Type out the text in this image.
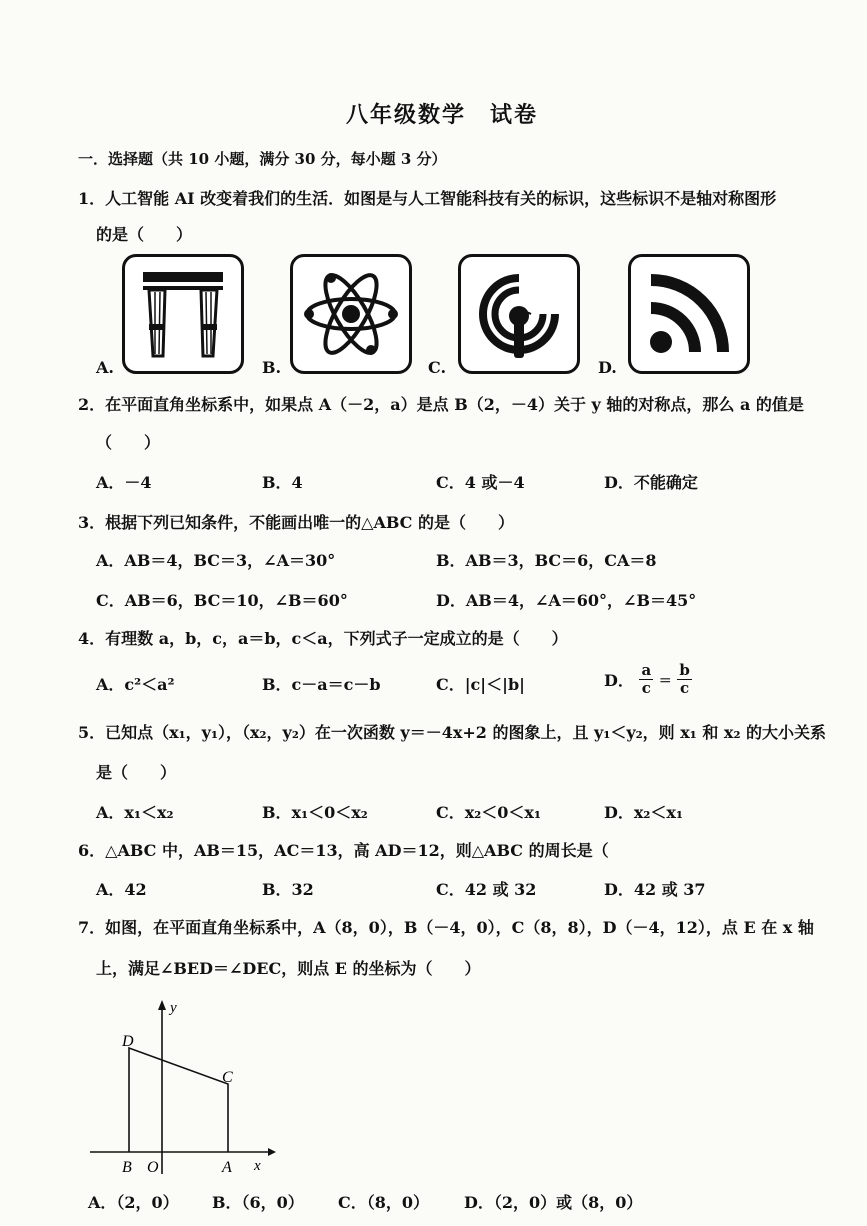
八年级数学　试卷
一．选择题（共 10 小题，满分 30 分，每小题 3 分）
1．人工智能 AI 改变着我们的生活．如图是与人工智能科技有关的标识，这些标识不是轴对称图形
的是（　　）
A.	B.	C.	D.
2．在平面直角坐标系中，如果点 A（－2，a）是点 B（2，－4）关于 y 轴的对称点，那么 a 的值是
（　　）
A．－4	B．4	C．4 或－4	D．不能确定
3．根据下列已知条件，不能画出唯一的△ABC 的是（　　）
A．AB＝4，BC＝3，∠A＝30°	B．AB＝3，BC＝6，CA＝8
C．AB＝6，BC＝10，∠B＝60°	D．AB＝4，∠A＝60°，∠B＝45°
4．有理数 a，b，c，a＝b，c＜a，下列式子一定成立的是（　　）
A．c²＜a²	B．c－a＝c－b	C．|c|＜|b|	D． $\frac{a}{c} = \frac{b}{c}$
5．已知点（x₁，y₁），（x₂，y₂）在一次函数 y＝－4x+2 的图象上，且 y₁＜y₂，则 x₁ 和 x₂ 的大小关系
是（　　）
A．x₁＜x₂	B．x₁＜0＜x₂	C．x₂＜0＜x₁	D．x₂＜x₁
6．△ABC 中，AB＝15，AC＝13，高 AD＝12，则△ABC 的周长是（
A．42	B．32	C．42 或 32	D．42 或 37
7．如图，在平面直角坐标系中，A（8，0），B（－4，0），C（8，8），D（－4，12），点 E 在 x 轴
上，满足∠BED＝∠DEC，则点 E 的坐标为（　　）
y
x
D
C
B O	A
A．（2，0） B．（6，0） C．（8，0） D．（2，0）或（8，0）
